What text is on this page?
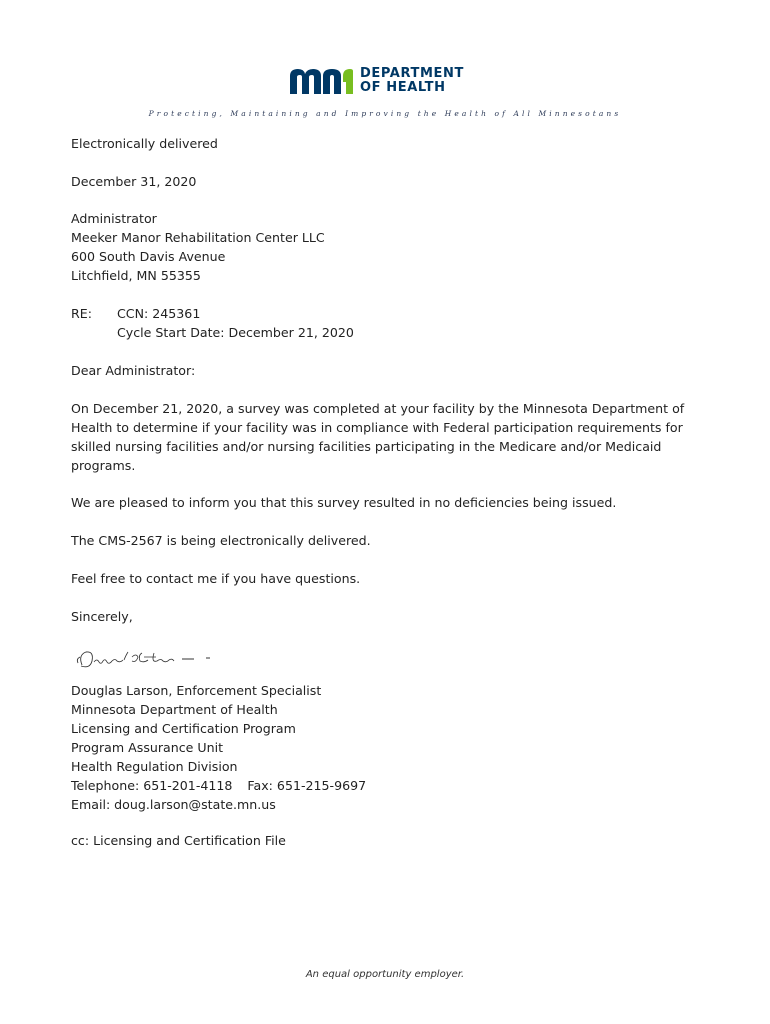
DEPARTMENT
OF HEALTH
Protecting, Maintaining and Improving the Health of All Minnesotans
Electronically delivered
December 31, 2020
Administrator
Meeker Manor Rehabilitation Center LLC
600 South Davis Avenue
Litchfield, MN 55355
RE: CCN: 245361
Cycle Start Date: December 21, 2020
Dear Administrator:
On December 21, 2020, a survey was completed at your facility by the Minnesota Department of
Health to determine if your facility was in compliance with Federal participation requirements for
skilled nursing facilities and/or nursing facilities participating in the Medicare and/or Medicaid
programs.
We are pleased to inform you that this survey resulted in no deficiencies being issued.
The CMS-2567 is being electronically delivered.
Feel free to contact me if you have questions.
Sincerely,
Douglas Larson, Enforcement Specialist
Minnesota Department of Health
Licensing and Certification Program
Program Assurance Unit
Health Regulation Division
Telephone: 651-201-4118 Fax: 651-215-9697
Email: doug.larson@state.mn.us
cc: Licensing and Certification File
An equal opportunity employer.
